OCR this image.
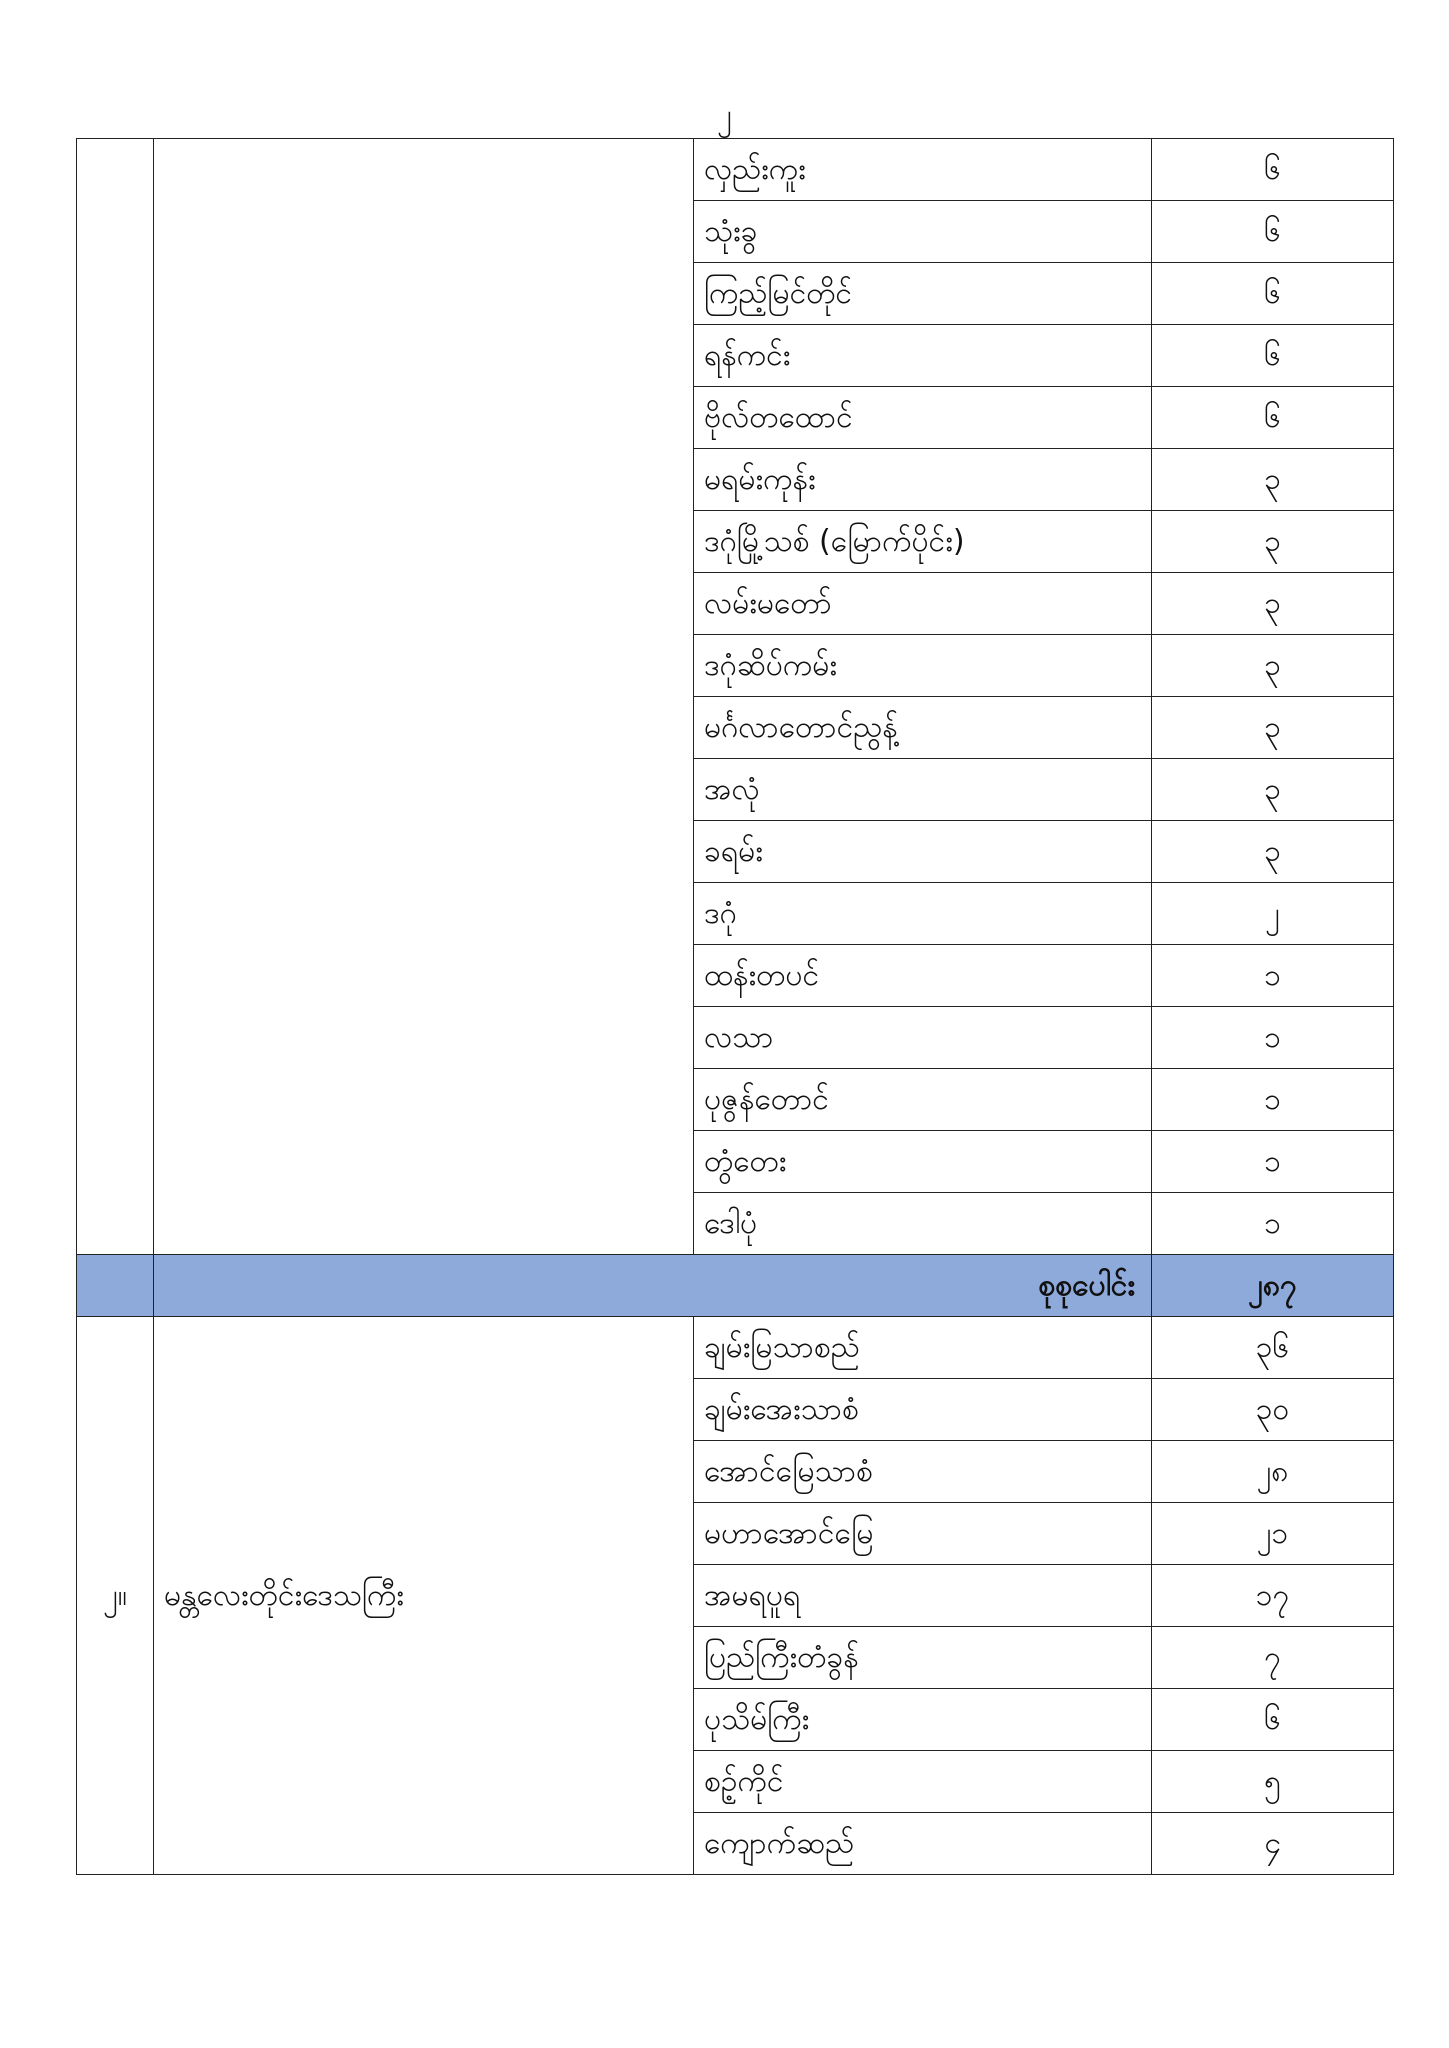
၂
		လှည်းကူး	၆
		သုံးခွ	၆
		ကြည့်မြင်တိုင်	၆
		ရန်ကင်း	၆
		ဗိုလ်တထောင်	၆
		မရမ်းကုန်း	၃
		ဒဂုံမြို့သစ် (မြောက်ပိုင်း)	၃
		လမ်းမတော်	၃
		ဒဂုံဆိပ်ကမ်း	၃
		မင်္ဂလာတောင်ညွန့်	၃
		အလုံ	၃
		ခရမ်း	၃
		ဒဂုံ	၂
		ထန်းတပင်	၁
		လသာ	၁
		ပုဇွန်တောင်	၁
		တွံတေး	၁
		ဒေါပုံ	၁
	စုစုပေါင်း		၂၈၇
၂။	မန္တလေးတိုင်းဒေသကြီး	ချမ်းမြသာစည်	၃၆
		ချမ်းအေးသာစံ	၃၀
		အောင်မြေသာစံ	၂၈
		မဟာအောင်မြေ	၂၁
		အမရပူရ	၁၇
		ပြည်ကြီးတံခွန်	၇
		ပုသိမ်ကြီး	၆
		စဉ့်ကိုင်	၅
		ကျောက်ဆည်	၄
